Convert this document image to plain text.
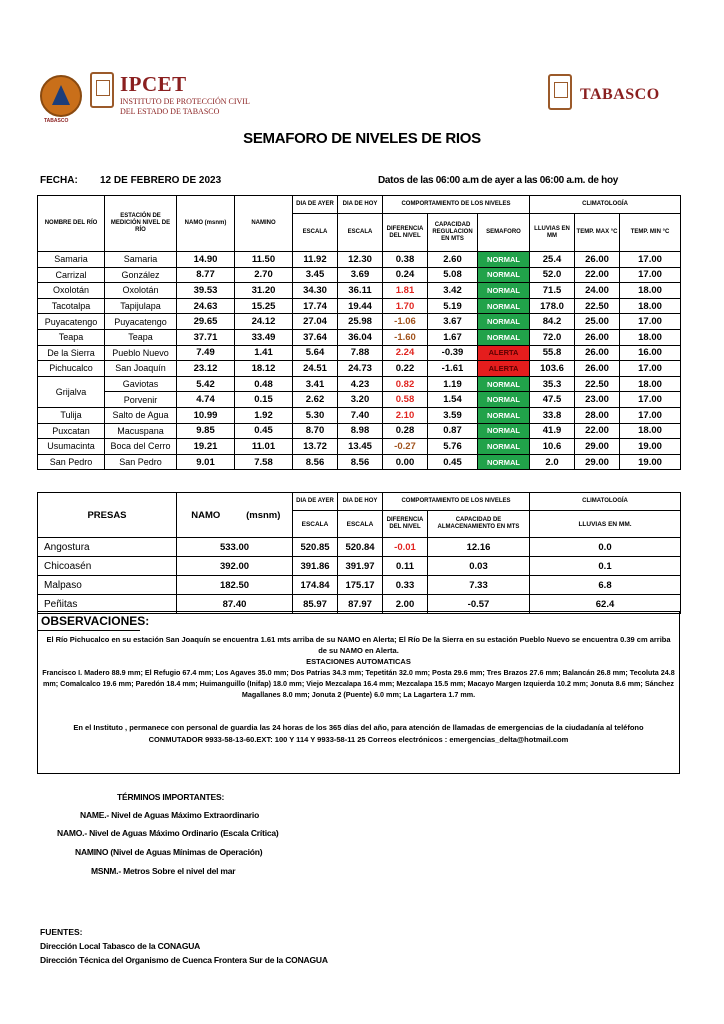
TABASCO
IPCET
INSTITUTO DE PROTECCIÓN CIVIL
DEL ESTADO DE TABASCO
TABASCO
SEMAFORO DE NIVELES DE RIOS
FECHA: 12 DE FEBRERO DE 2023	Datos de las 06:00 a.m de ayer a las 06:00 a.m. de hoy
NOMBRE DEL RÍO	ESTACIÓN DE MEDICIÓN NIVEL DE RÍO	NAMO (msnm)	NAMINO	DIA DE AYER	DIA DE HOY	COMPORTAMIENTO DE LOS NIVELES			CLIMATOLOGÍA		
				ESCALA	ESCALA	DIFERENCIA DEL NIVEL	CAPACIDAD REGULACION EN MTS	SEMAFORO	LLUVIAS EN MM	TEMP. MAX °C	TEMP. MIN °C
Samaria	Samaria	14.90	11.50	11.92	12.30	0.38	2.60	NORMAL	25.4	26.00	17.00
Carrizal	González	8.77	2.70	3.45	3.69	0.24	5.08	NORMAL	52.0	22.00	17.00
Oxolotán	Oxolotán	39.53	31.20	34.30	36.11	1.81	3.42	NORMAL	71.5	24.00	18.00
Tacotalpa	Tapijulapa	24.63	15.25	17.74	19.44	1.70	5.19	NORMAL	178.0	22.50	18.00
Puyacatengo	Puyacatengo	29.65	24.12	27.04	25.98	-1.06	3.67	NORMAL	84.2	25.00	17.00
Teapa	Teapa	37.71	33.49	37.64	36.04	-1.60	1.67	NORMAL	72.0	26.00	18.00
De la Sierra	Pueblo Nuevo	7.49	1.41	5.64	7.88	2.24	-0.39	ALERTA	55.8	26.00	16.00
Pichucalco	San Joaquín	23.12	18.12	24.51	24.73	0.22	-1.61	ALERTA	103.6	26.00	17.00
Grijalva	Gaviotas	5.42	0.48	3.41	4.23	0.82	1.19	NORMAL	35.3	22.50	18.00
	Porvenir	4.74	0.15	2.62	3.20	0.58	1.54	NORMAL	47.5	23.00	17.00
Tulija	Salto de Agua	10.99	1.92	5.30	7.40	2.10	3.59	NORMAL	33.8	28.00	17.00
Puxcatan	Macuspana	9.85	0.45	8.70	8.98	0.28	0.87	NORMAL	41.9	22.00	18.00
Usumacinta	Boca del Cerro	19.21	11.01	13.72	13.45	-0.27	5.76	NORMAL	10.6	29.00	19.00
San Pedro	San Pedro	9.01	7.58	8.56	8.56	0.00	0.45	NORMAL	2.0	29.00	19.00
PRESAS	NAMO	(msnm)	DIA DE AYER	DIA DE HOY	COMPORTAMIENTO DE LOS NIVELES		CLIMATOLOGÍA
			ESCALA	ESCALA	DIFERENCIA DEL NIVEL	CAPACIDAD DE ALMACENAMIENTO EN MTS	LLUVIAS EN MM.
Angostura	533.00		520.85	520.84	-0.01	12.16	0.0
Chicoasén	392.00		391.86	391.97	0.11	0.03	0.1
Malpaso	182.50		174.84	175.17	0.33	7.33	6.8
Peñitas	87.40		85.97	87.97	2.00	-0.57	62.4
OBSERVACIONES:
El Río Pichucalco en su estación San Joaquín se encuentra 1.61 mts arriba de su NAMO en Alerta; El Río De la Sierra en su estación Pueblo Nuevo se encuentra 0.39 cm arriba de su NAMO en Alerta.
ESTACIONES AUTOMATICAS
Francisco I. Madero 88.9 mm; El Refugio 67.4 mm; Los Agaves 35.0 mm; Dos Patrias 34.3 mm; Tepetitán 32.0 mm; Posta 29.6 mm; Tres Brazos 27.6 mm; Balancán 26.8 mm; Tecoluta 24.8 mm; Comalcalco 19.6 mm; Paredón 18.4 mm; Huimanguillo (Inifap) 18.0 mm; Viejo Mezcalapa 16.4 mm; Mezcalapa 15.5 mm; Macayo Margen Izquierda 10.2 mm; Jonuta 8.6 mm; Sánchez Magallanes 8.0 mm; Jonuta 2 (Puente) 6.0 mm; La Lagartera 1.7 mm.
En el Instituto , permanece con personal de guardia las 24 horas de los 365 días del año, para atención de llamadas de emergencias de la ciudadanía al teléfono
CONMUTADOR 9933-58-13-60.EXT: 100 Y 114 Y 9933-58-11 25 Correos electrónicos : emergencias_delta@hotmail.com
TÉRMINOS IMPORTANTES:
NAME.- Nivel de Aguas Máximo Extraordinario
NAMO.- Nivel de Aguas Máximo Ordinario (Escala Crítica)
NAMINO (Nivel de Aguas Mínimas de Operación)
MSNM.- Metros Sobre el nivel del mar
FUENTES:
Dirección Local Tabasco de la CONAGUA
Dirección Técnica del Organismo de Cuenca Frontera Sur de la CONAGUA
